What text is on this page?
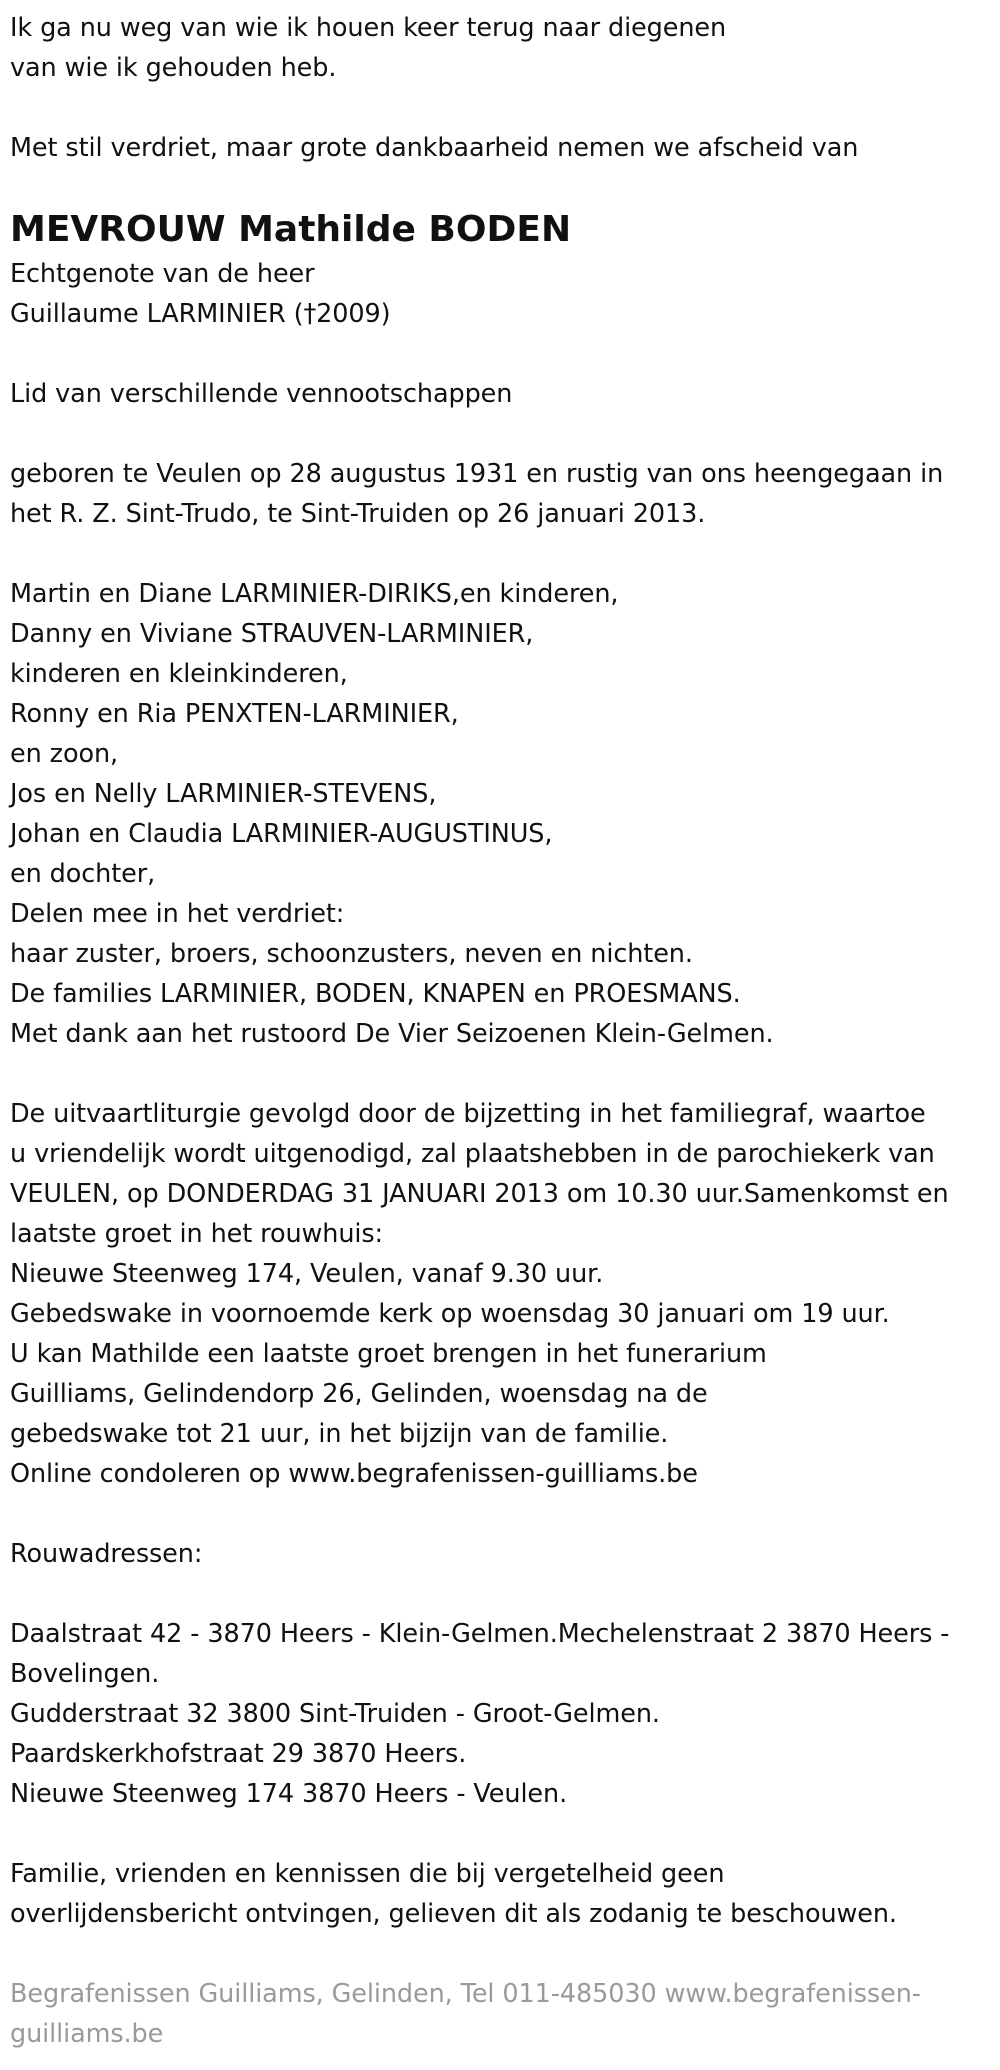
Ik ga nu weg van wie ik houen keer terug naar diegenen
van wie ik gehouden heb.
Met stil verdriet, maar grote dankbaarheid nemen we afscheid van
MEVROUW Mathilde BODEN
Echtgenote van de heer
Guillaume LARMINIER (†2009)
Lid van verschillende vennootschappen
geboren te Veulen op 28 augustus 1931 en rustig van ons heengegaan in
het R. Z. Sint-Trudo, te Sint-Truiden op 26 januari 2013.
Martin en Diane LARMINIER-DIRIKS,en kinderen,
Danny en Viviane STRAUVEN-LARMINIER,
kinderen en kleinkinderen,
Ronny en Ria PENXTEN-LARMINIER,
en zoon,
Jos en Nelly LARMINIER-STEVENS,
Johan en Claudia LARMINIER-AUGUSTINUS,
en dochter,
Delen mee in het verdriet:
haar zuster, broers, schoonzusters, neven en nichten.
De families LARMINIER, BODEN, KNAPEN en PROESMANS.
Met dank aan het rustoord De Vier Seizoenen Klein-Gelmen.
De uitvaartliturgie gevolgd door de bijzetting in het familiegraf, waartoe
u vriendelijk wordt uitgenodigd, zal plaatshebben in de parochiekerk van
VEULEN, op DONDERDAG 31 JANUARI 2013 om 10.30 uur.Samenkomst en
laatste groet in het rouwhuis:
Nieuwe Steenweg 174, Veulen, vanaf 9.30 uur.
Gebedswake in voornoemde kerk op woensdag 30 januari om 19 uur.
U kan Mathilde een laatste groet brengen in het funerarium
Guilliams, Gelindendorp 26, Gelinden, woensdag na de
gebedswake tot 21 uur, in het bijzijn van de familie.
Online condoleren op www.begrafenissen-guilliams.be
Rouwadressen:
Daalstraat 42 - 3870 Heers - Klein-Gelmen.Mechelenstraat 2 3870 Heers -
Bovelingen.
Gudderstraat 32 3800 Sint-Truiden - Groot-Gelmen.
Paardskerkhofstraat 29 3870 Heers.
Nieuwe Steenweg 174 3870 Heers - Veulen.
Familie, vrienden en kennissen die bij vergetelheid geen
overlijdensbericht ontvingen, gelieven dit als zodanig te beschouwen.
Begrafenissen Guilliams, Gelinden, Tel 011-485030 www.begrafenissen-
guilliams.be
